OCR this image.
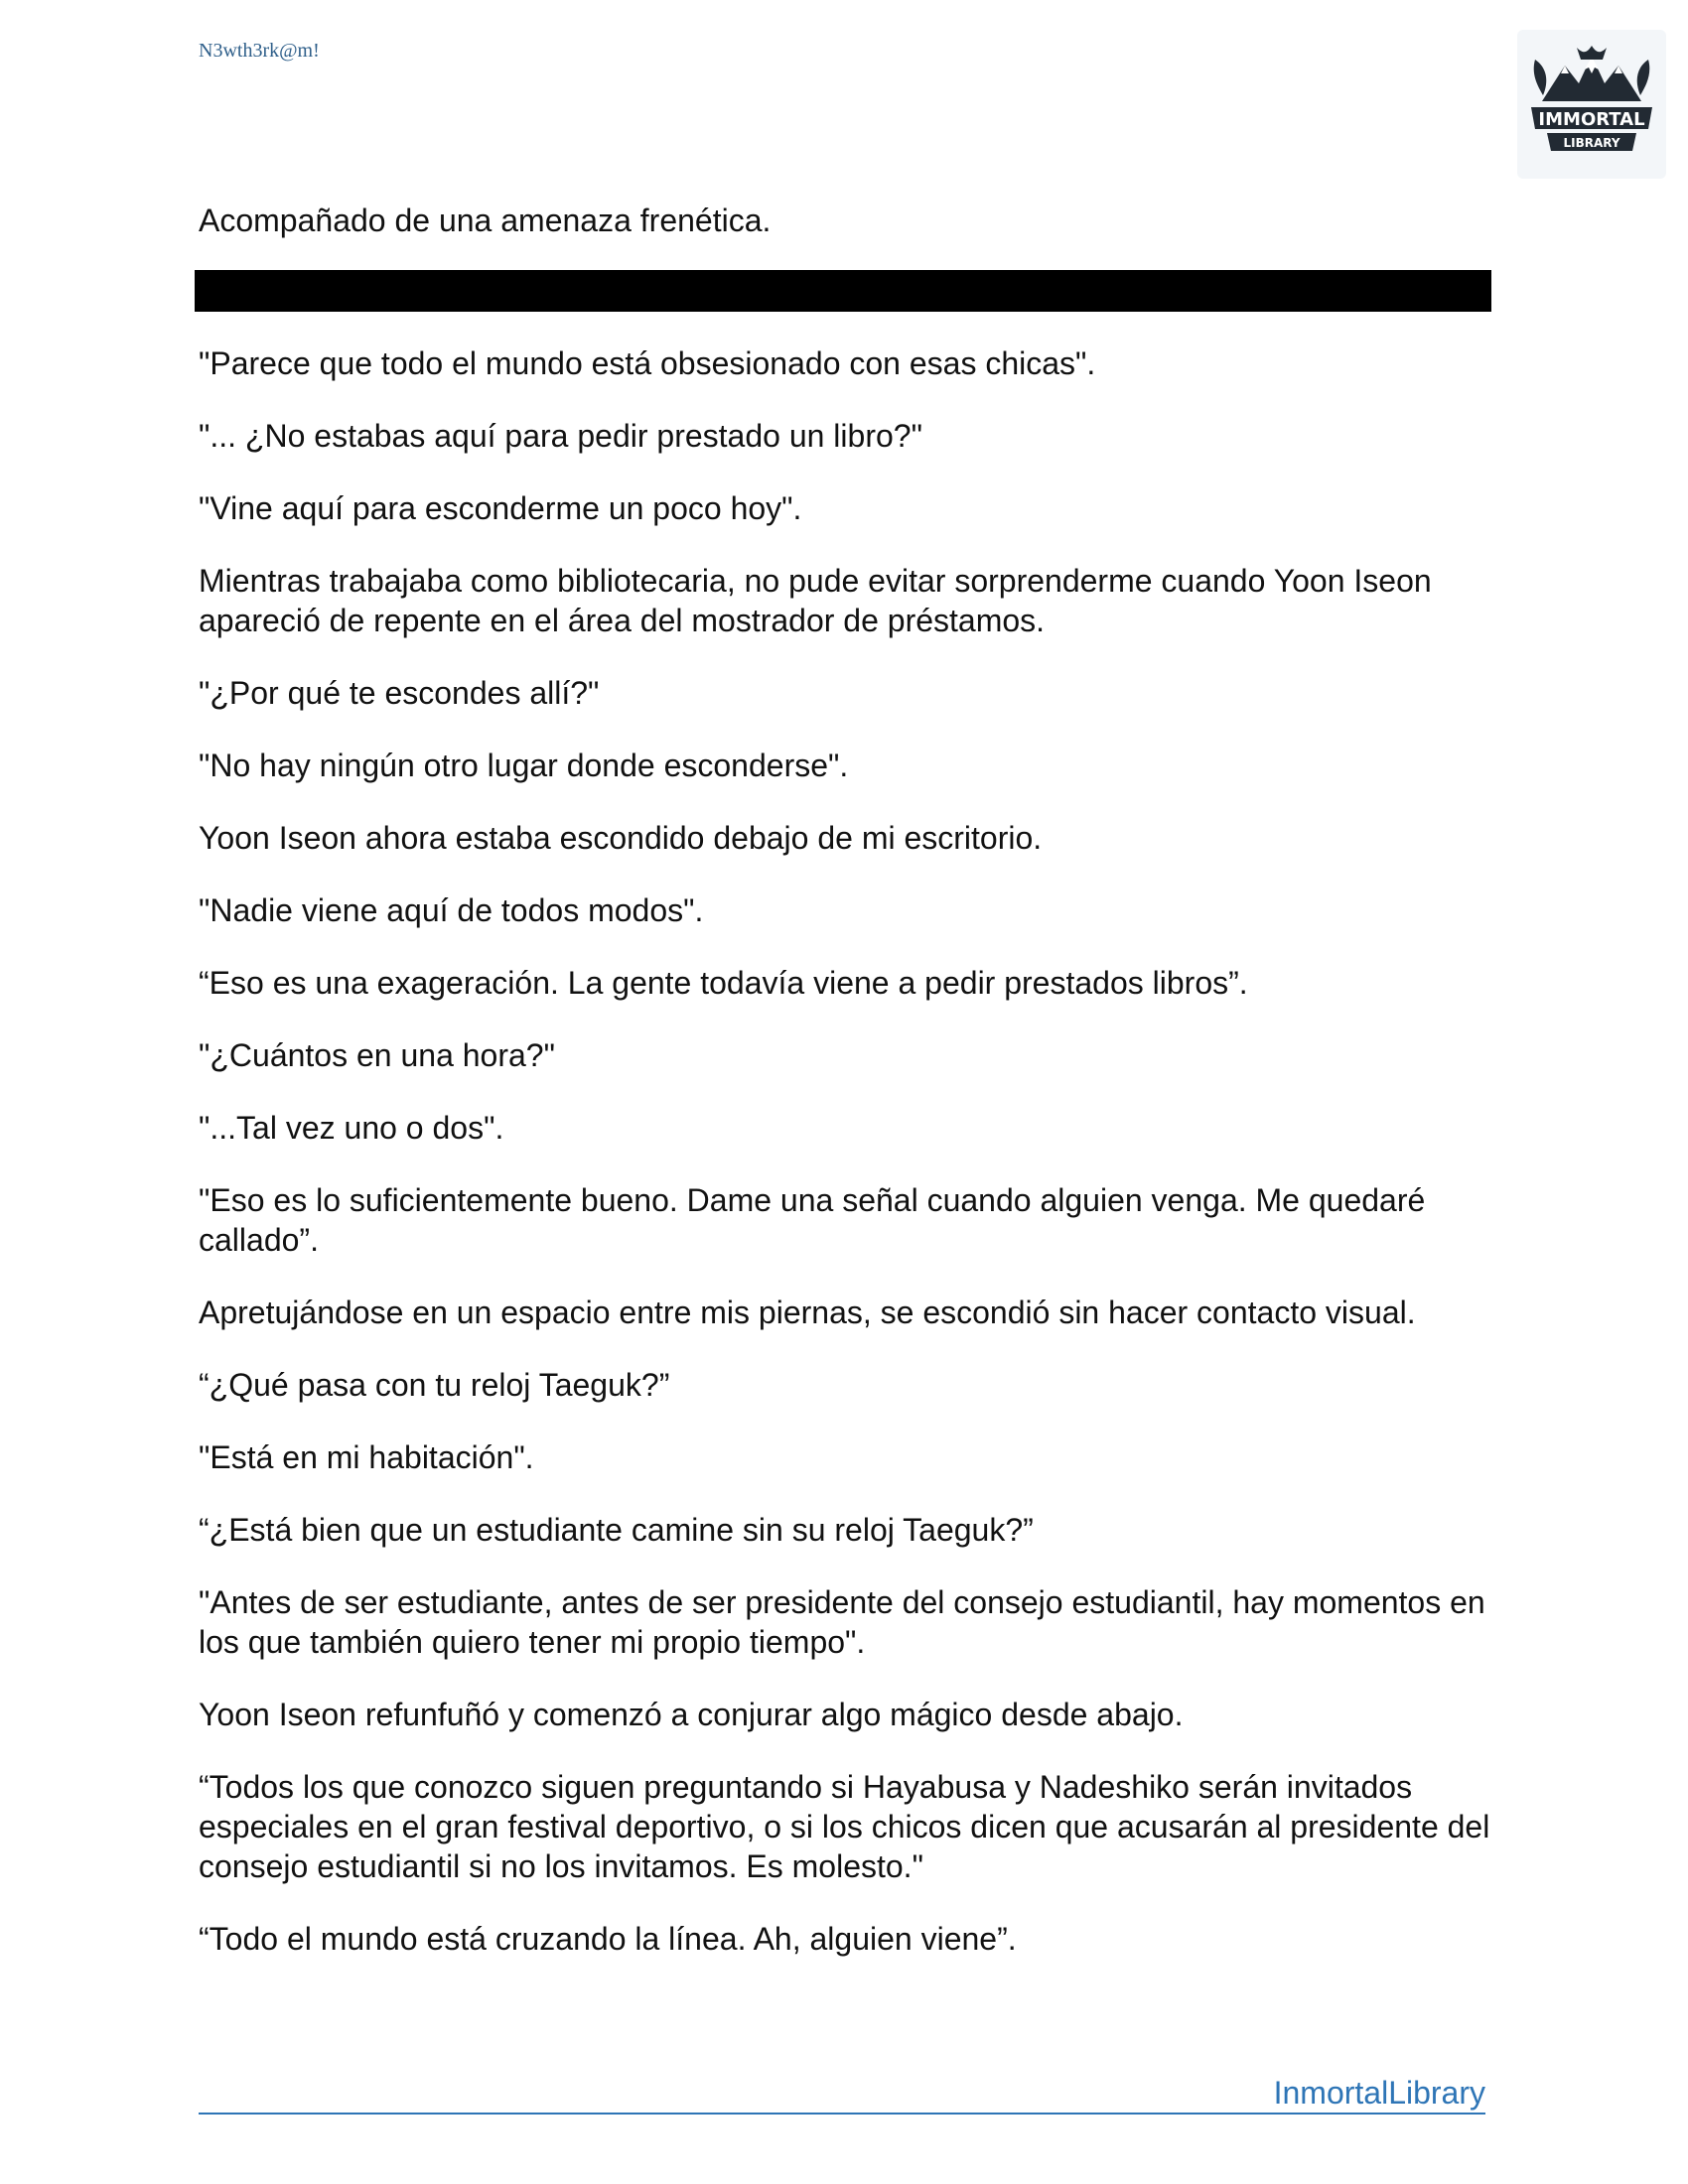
N3wth3rk@m!
IMMORTAL
LIBRARY
Acompañado de una amenaza frenética.

"Parece que todo el mundo está obsesionado con esas chicas".

"... ¿No estabas aquí para pedir prestado un libro?"

"Vine aquí para esconderme un poco hoy".

Mientras trabajaba como bibliotecaria, no pude evitar sorprenderme cuando Yoon Iseon apareció de repente en el área del mostrador de préstamos.

"¿Por qué te escondes allí?"

"No hay ningún otro lugar donde esconderse".

Yoon Iseon ahora estaba escondido debajo de mi escritorio.

"Nadie viene aquí de todos modos".

“Eso es una exageración. La gente todavía viene a pedir prestados libros”.

"¿Cuántos en una hora?"

"...Tal vez uno o dos".

"Eso es lo suficientemente bueno. Dame una señal cuando alguien venga. Me quedaré callado”.

Apretujándose en un espacio entre mis piernas, se escondió sin hacer contacto visual.

“¿Qué pasa con tu reloj Taeguk?”

"Está en mi habitación".

“¿Está bien que un estudiante camine sin su reloj Taeguk?”

"Antes de ser estudiante, antes de ser presidente del consejo estudiantil, hay momentos en los que también quiero tener mi propio tiempo".

Yoon Iseon refunfuñó y comenzó a conjurar algo mágico desde abajo.

“Todos los que conozco siguen preguntando si Hayabusa y Nadeshiko serán invitados especiales en el gran festival deportivo, o si los chicos dicen que acusarán al presidente del consejo estudiantil si no los invitamos. Es molesto."

“Todo el mundo está cruzando la línea. Ah, alguien viene”.

InmortalLibrary
